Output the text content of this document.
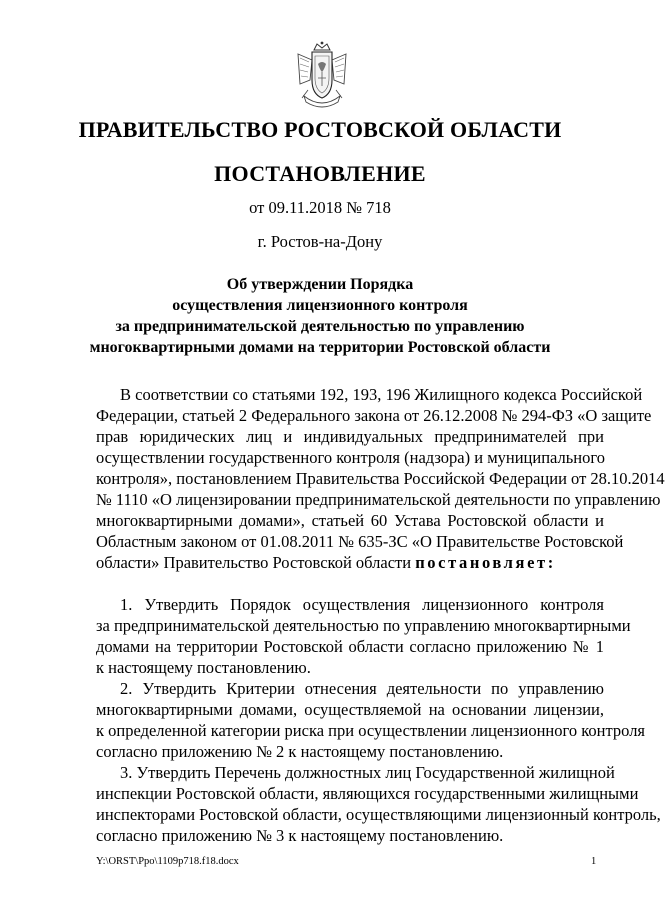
ПРАВИТЕЛЬСТВО РОСТОВСКОЙ ОБЛАСТИ
ПОСТАНОВЛЕНИЕ
от 09.11.2018 № 718
г. Ростов-на-Дону
Об утверждении Порядка
осуществления лицензионного контроля
за предпринимательской деятельностью по управлению
многоквартирными домами на территории Ростовской области
В соответствии со статьями 192, 193, 196 Жилищного кодекса Российской
Федерации, статьей 2 Федерального закона от 26.12.2008 № 294-ФЗ «О защите
прав юридических лиц и индивидуальных предпринимателей при
осуществлении государственного контроля (надзора) и муниципального
контроля», постановлением Правительства Российской Федерации от 28.10.2014
№ 1110 «О лицензировании предпринимательской деятельности по управлению
многоквартирными домами», статьей 60 Устава Ростовской области и
Областным законом от 01.08.2011 № 635-ЗС «О Правительстве Ростовской
области» Правительство Ростовской области постановляет:
1. Утвердить Порядок осуществления лицензионного контроля
за предпринимательской деятельностью по управлению многоквартирными
домами на территории Ростовской области согласно приложению № 1
к настоящему постановлению.
2. Утвердить Критерии отнесения деятельности по управлению
многоквартирными домами, осуществляемой на основании лицензии,
к определенной категории риска при осуществлении лицензионного контроля
согласно приложению № 2 к настоящему постановлению.
3. Утвердить Перечень должностных лиц Государственной жилищной
инспекции Ростовской области, являющихся государственными жилищными
инспекторами Ростовской области, осуществляющими лицензионный контроль,
согласно приложению № 3 к настоящему постановлению.
Y:\ORST\Ppo\1109p718.f18.docx	1
